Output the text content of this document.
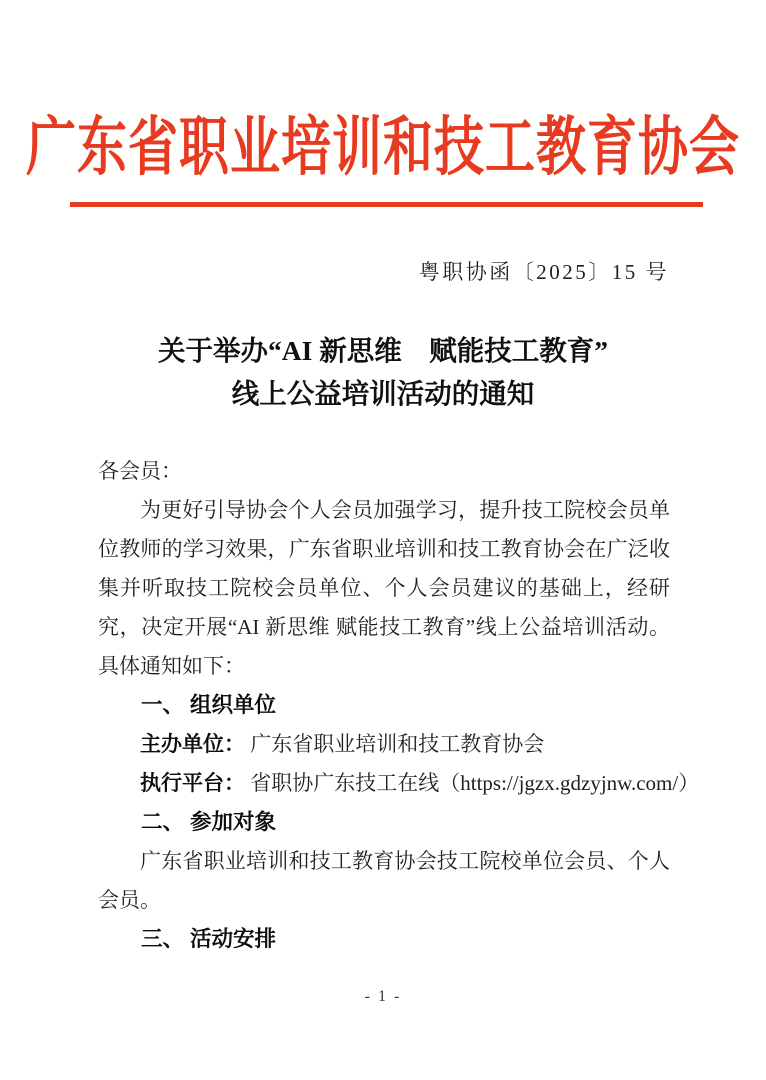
广东省职业培训和技工教育协会
粤职协函〔2025〕15 号
关于举办“AI 新思维　赋能技工教育”
线上公益培训活动的通知

各会员：

为更好引导协会个人会员加强学习，提升技工院校会员单位教师的学习效果，广东省职业培训和技工教育协会在广泛收集并听取技工院校会员单位、个人会员建议的基础上，经研究，决定开展“AI 新思维 赋能技工教育”线上公益培训活动。具体通知如下：

一、 组织单位

主办单位： 广东省职业培训和技工教育协会

执行平台： 省职协广东技工在线（https://jgzx.gdzyjnw.com/）

二、 参加对象

广东省职业培训和技工教育协会技工院校单位会员、个人会员。

三、 活动安排

- 1 -
